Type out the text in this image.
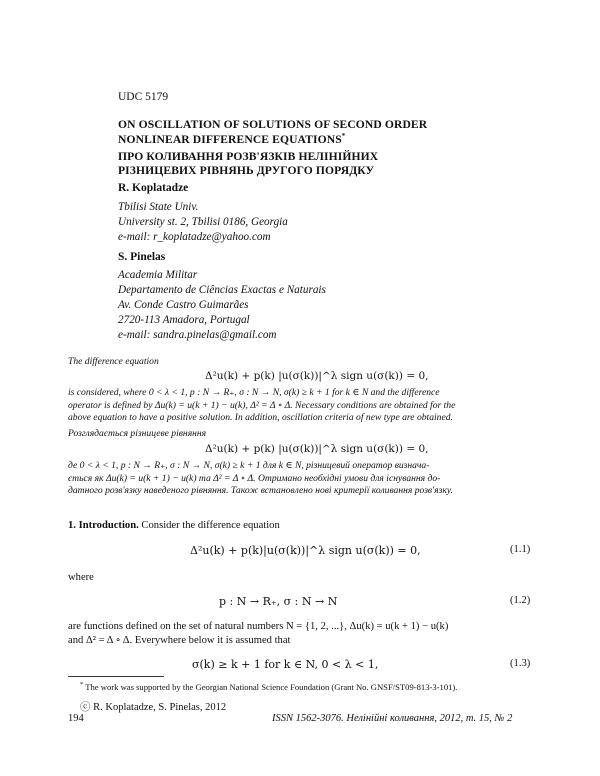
UDC 5179
ON OSCILLATION OF SOLUTIONS OF SECOND ORDER
NONLINEAR DIFFERENCE EQUATIONS*
ПРО КОЛИВАННЯ РОЗВ'ЯЗКІВ НЕЛІНІЙНИХ
РІЗНИЦЕВИХ РІВНЯНЬ ДРУГОГО ПОРЯДКУ
R. Koplatadze
Tbilisi State Univ.
University st. 2, Tbilisi 0186, Georgia
e-mail: r_koplatadze@yahoo.com
S. Pinelas
Academia Militar
Departamento de Ciências Exactas e Naturais
Av. Conde Castro Guimarães
2720-113 Amadora, Portugal
e-mail: sandra.pinelas@gmail.com
The difference equation
Δ²u(k) + p(k) |u(σ(k))|^λ sign u(σ(k)) = 0,
is considered, where 0 < λ < 1, p : N → R₊, σ : N → N, σ(k) ≥ k + 1 for k ∈ N and the difference
operator is defined by Δu(k) = u(k + 1) − u(k), Δ² = Δ ∘ Δ. Necessary conditions are obtained for the
above equation to have a positive solution. In addition, oscillation criteria of new type are obtained.
Розглядається різницеве рівняння
Δ²u(k) + p(k) |u(σ(k))|^λ sign u(σ(k)) = 0,
де 0 < λ < 1, p : N → R₊, σ : N → N, σ(k) ≥ k + 1 для k ∈ N, різницевий оператор визнача-
ється як Δu(k) = u(k + 1) − u(k) та Δ² = Δ ∘ Δ. Отримано необхідні умови для існування до-
датного розв'язку наведеного рівняння. Також встановлено нові критерії коливання розв'язку.
1. Introduction. Consider the difference equation
Δ²u(k) + p(k)|u(σ(k))|^λ sign u(σ(k)) = 0,	(1.1)
where
p : N → R₊, σ : N → N	(1.2)
are functions defined on the set of natural numbers N = {1, 2, ...}, Δu(k) = u(k + 1) − u(k)
and Δ² = Δ ∘ Δ. Everywhere below it is assumed that
σ(k) ≥ k + 1 for k ∈ N, 0 < λ < 1,	(1.3)
* The work was supported by the Georgian National Science Foundation (Grant No. GNSF/ST09-813-3-101).
ⓒ R. Koplatadze, S. Pinelas, 2012
194	ISSN 1562-3076. Нелінійні коливання, 2012, т. 15, № 2
